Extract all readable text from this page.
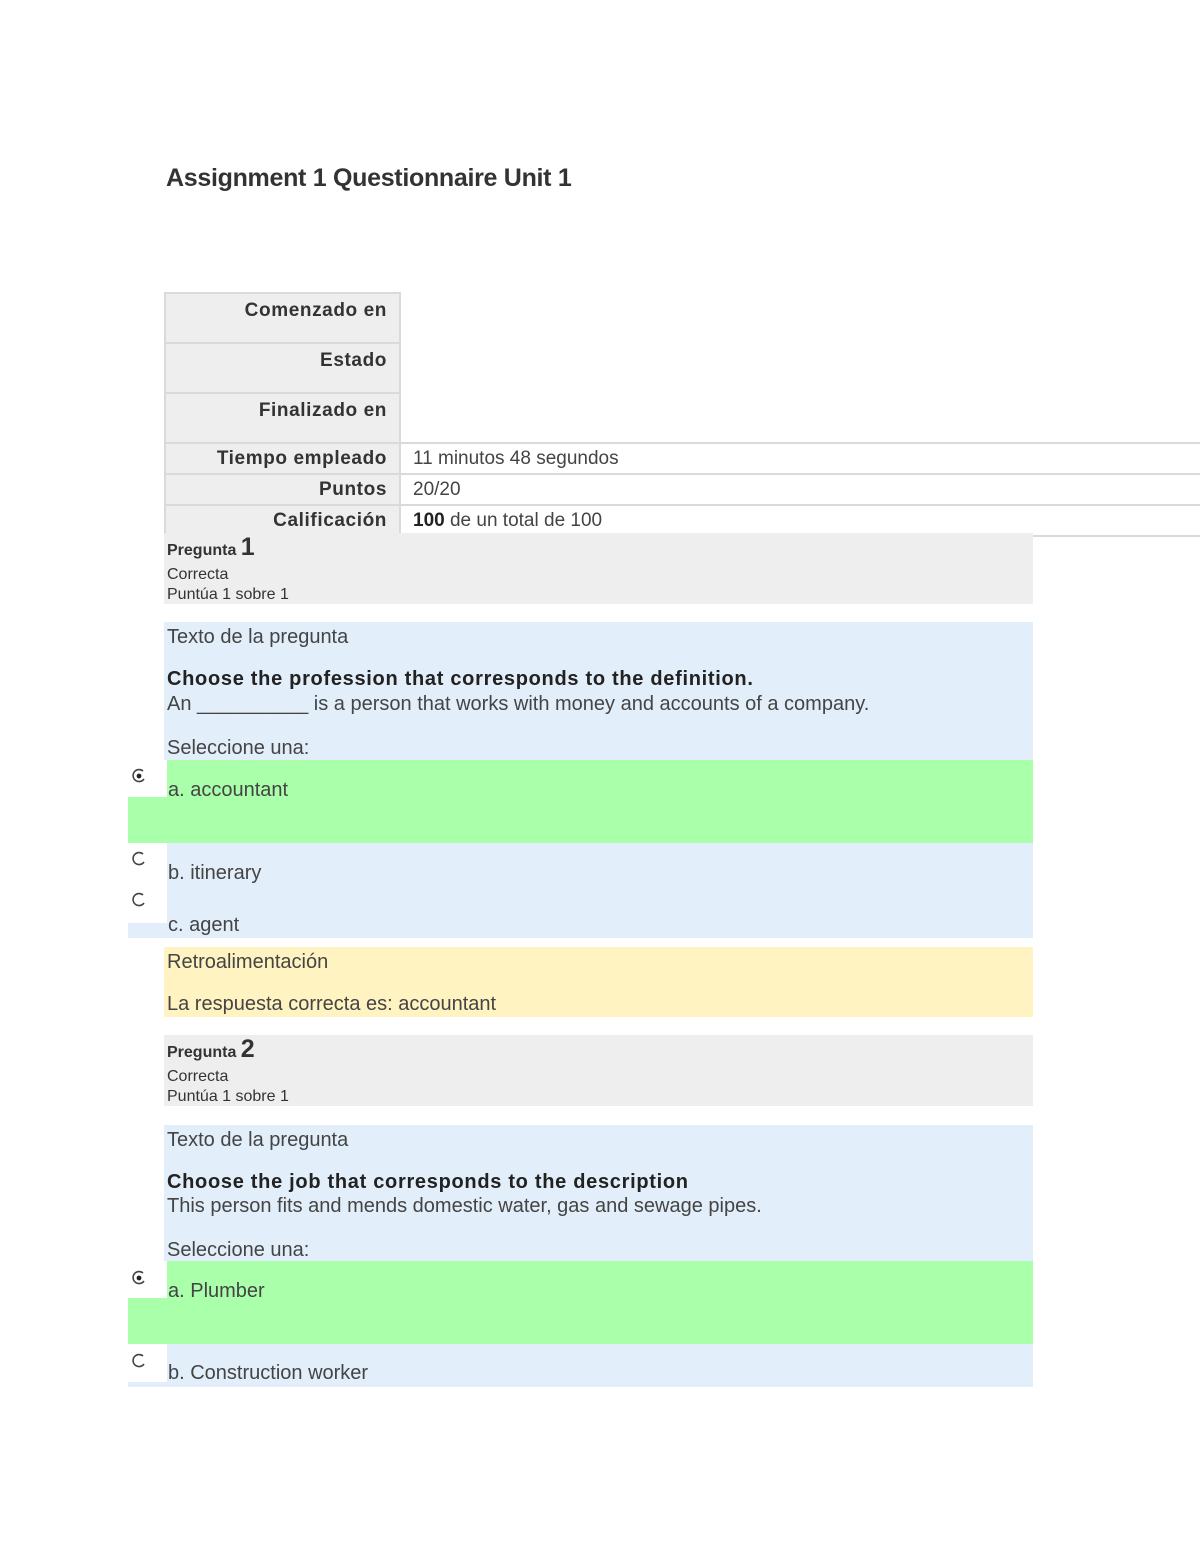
Assignment 1 Questionnaire Unit 1
Comenzado en	
Estado	
Finalizado en	
Tiempo empleado	11 minutos 48 segundos
Puntos	20/20
Calificación	100 de un total de 100
Pregunta 1
Correcta
Puntúa 1 sobre 1
Texto de la pregunta
Choose the profession that corresponds to the definition.
An __________ is a person that works with money and accounts of a company.
Seleccione una:
a. accountant
b. itinerary
c. agent
Retroalimentación
La respuesta correcta es: accountant
Pregunta 2
Correcta
Puntúa 1 sobre 1
Texto de la pregunta
Choose the job that corresponds to the description
This person fits and mends domestic water, gas and sewage pipes.
Seleccione una:
a. Plumber
b. Construction worker
